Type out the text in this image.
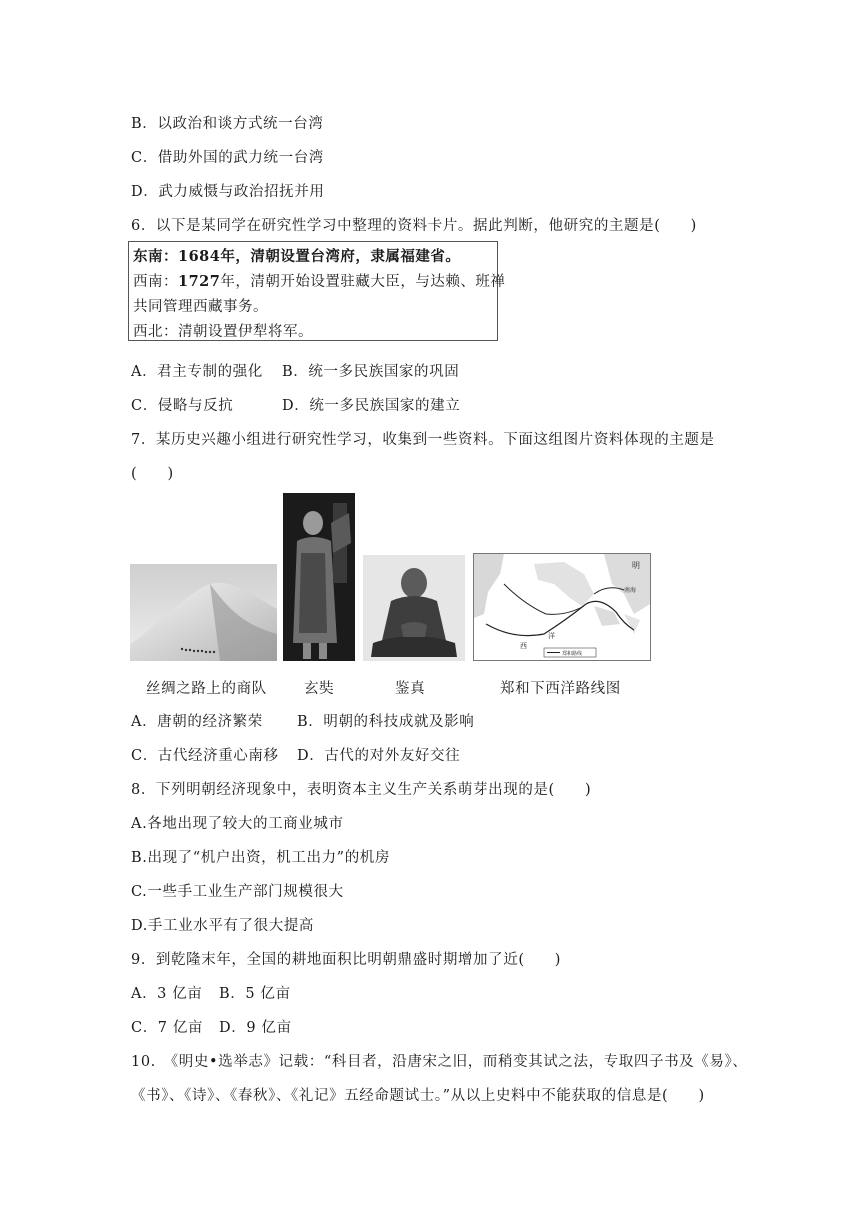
B．以政治和谈方式统一台湾
C．借助外国的武力统一台湾
D．武力威慑与政治招抚并用
6．以下是某同学在研究性学习中整理的资料卡片。据此判断，他研究的主题是(　　)
东南：1684年，清朝设置台湾府，隶属福建省。
西南：1727年，清朝开始设置驻藏大臣，与达赖、班禅
共同管理西藏事务。
西北：清朝设置伊犁将军。
A．君主专制的强化 B．统一多民族国家的巩固
C．侵略与反抗	D．统一多民族国家的建立
7．某历史兴趣小组进行研究性学习，收集到一些资料。下面这组图片资料体现的主题是
(　　)
郑和路线
明
南海
西
洋
丝绸之路上的商队	玄奘	鉴真	郑和下西洋路线图
A．唐朝的经济繁荣 B．明朝的科技成就及影响
C．古代经济重心南移 D．古代的对外友好交往
8．下列明朝经济现象中，表明资本主义生产关系萌芽出现的是(　　)
A.各地出现了较大的工商业城市
B.出现了“机户出资，机工出力”的机房
C.一些手工业生产部门规模很大
D.手工业水平有了很大提高
9．到乾隆末年，全国的耕地面积比明朝鼎盛时期增加了近(　　)
A．3 亿亩 B．5 亿亩
C．7 亿亩 D．9 亿亩
10.　《明史•选举志》记载：“科目者，沿唐宋之旧，而稍变其试之法，专取四子书及《易》、
《书》、《诗》、《春秋》、《礼记》五经命题试士。”从以上史料中不能获取的信息是(　　)
